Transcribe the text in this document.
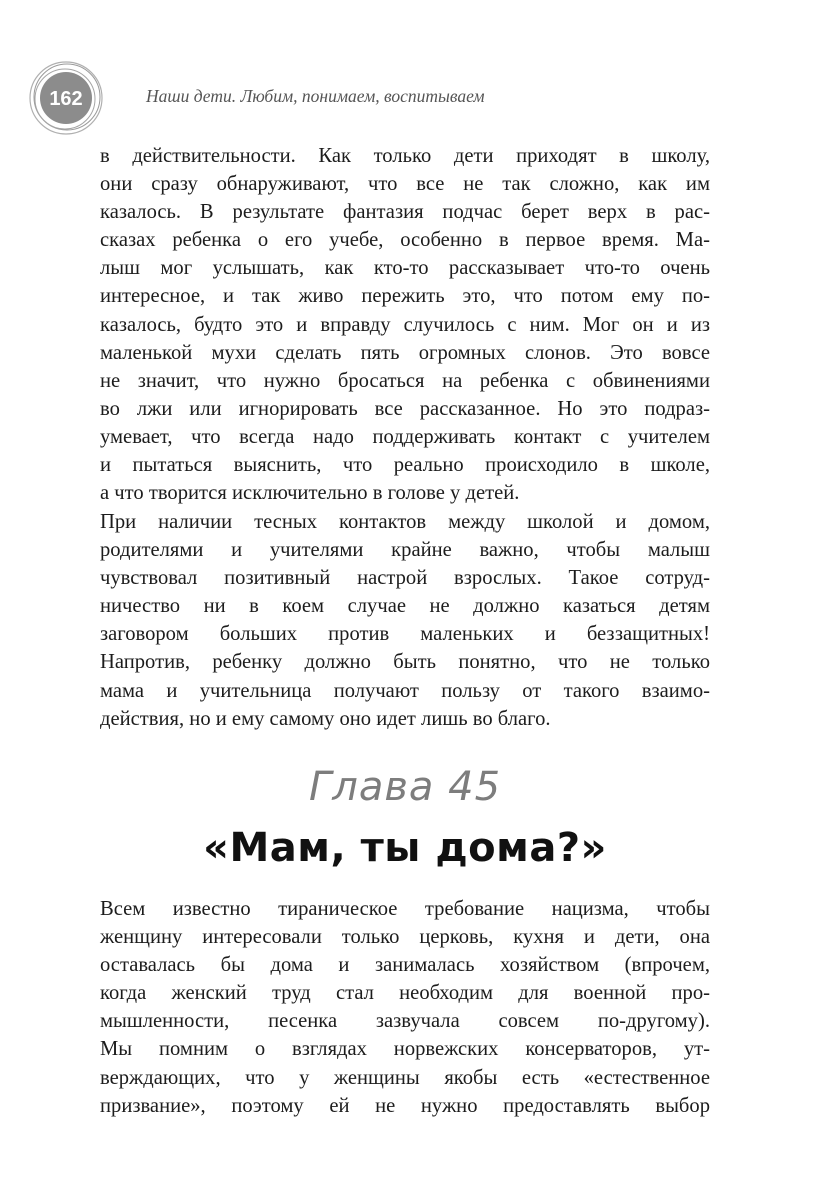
162	Наши дети. Любим, понимаем, воспитываем

в действительности. Как только дети приходят в школу,
они сразу обнаруживают, что все не так сложно, как им
казалось. В результате фантазия подчас берет верх в рас-
сказах ребенка о его учебе, особенно в первое время. Ма-
лыш мог услышать, как кто-то рассказывает что-то очень
интересное, и так живо пережить это, что потом ему по-
казалось, будто это и вправду случилось с ним. Мог он и из
маленькой мухи сделать пять огромных слонов. Это вовсе
не значит, что нужно бросаться на ребенка с обвинениями
во лжи или игнорировать все рассказанное. Но это подраз-
умевает, что всегда надо поддерживать контакт с учителем
и пытаться выяснить, что реально происходило в школе,
а что творится исключительно в голове у детей.

При наличии тесных контактов между школой и домом,
родителями и учителями крайне важно, чтобы малыш
чувствовал позитивный настрой взрослых. Такое сотруд-
ничество ни в коем случае не должно казаться детям
заговором больших против маленьких и беззащитных!
Напротив, ребенку должно быть понятно, что не только
мама и учительница получают пользу от такого взаимо-
действия, но и ему самому оно идет лишь во благо.

Глава 45
«Мам, ты дома?»

Всем известно тираническое требование нацизма, чтобы
женщину интересовали только церковь, кухня и дети, она
оставалась бы дома и занималась хозяйством (впрочем,
когда женский труд стал необходим для военной про-
мышленности, песенка зазвучала совсем по-другому).
Мы помним о взглядах норвежских консерваторов, ут-
верждающих, что у женщины якобы есть «естественное
призвание», поэтому ей не нужно предоставлять выбор
